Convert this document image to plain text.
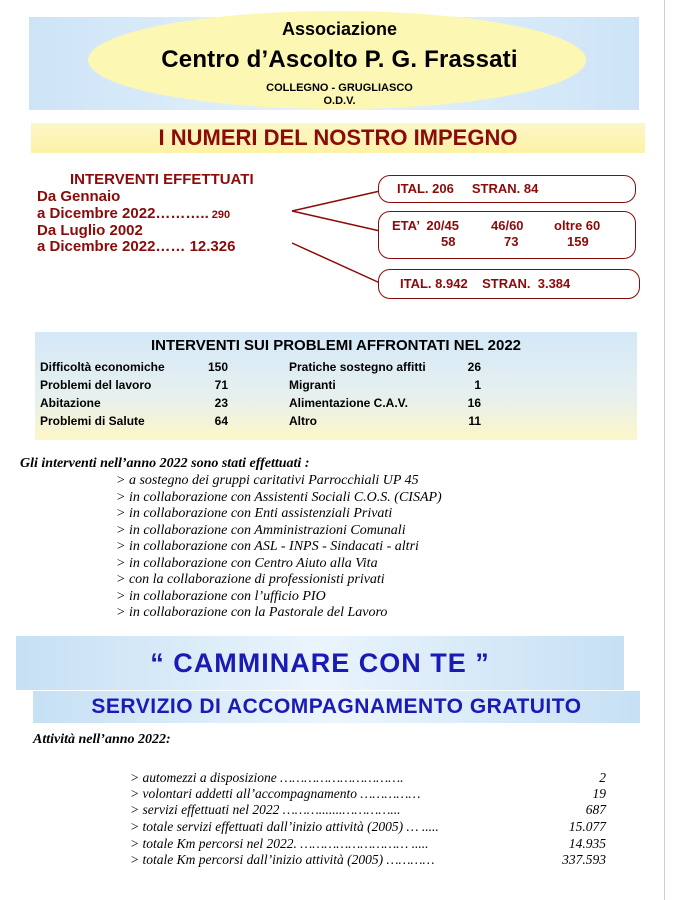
Associazione
Centro d’Ascolto P. G. Frassati
COLLEGNO - GRUGLIASCO
O.D.V.
I NUMERI DEL NOSTRO IMPEGNO
INTERVENTI EFFETTUATI
Da Gennaio
a Dicembre 2022……….. 290
Da Luglio 2002
a Dicembre 2022…… 12.326
ITAL. 206     STRAN. 84
ETA’  20/45 46/60 oltre 60
58	73	159
ITAL. 8.942    STRAN.  3.384
INTERVENTI SUI PROBLEMI AFFRONTATI NEL 2022
Difficoltà economiche	150
Problemi del lavoro	71
Abitazione	23
Problemi di Salute	64
Pratiche sostegno affitti	26
Migranti	1
Alimentazione C.A.V.	16
Altro	11
Gli interventi nell’anno 2022 sono stati effettuati :
> a sostegno dei gruppi caritativi Parrocchiali UP 45
> in collaborazione con Assistenti Sociali C.O.S. (CISAP)
> in collaborazione con Enti assistenziali Privati
> in collaborazione con Amministrazioni Comunali
> in collaborazione con ASL - INPS - Sindacati - altri
> in collaborazione con Centro Aiuto alla Vita
> con la collaborazione di professionisti privati
> in collaborazione con l’ufficio PIO
> in collaborazione con la Pastorale del Lavoro
“ CAMMINARE CON TE ”
SERVIZIO DI ACCOMPAGNAMENTO GRATUITO
Attività nell’anno 2022:
> automezzi a disposizione ………………………….	2
> volontari addetti all’accompagnamento ……………	19
> servizi effettuati nel 2022 ……….......…………...	687
> totale servizi effettuati dall’inizio attività (2005) … .....	15.077
> totale Km percorsi nel 2022. ……………………… .....	14.935
> totale Km percorsi dall’inizio attività (2005) …………	337.593
